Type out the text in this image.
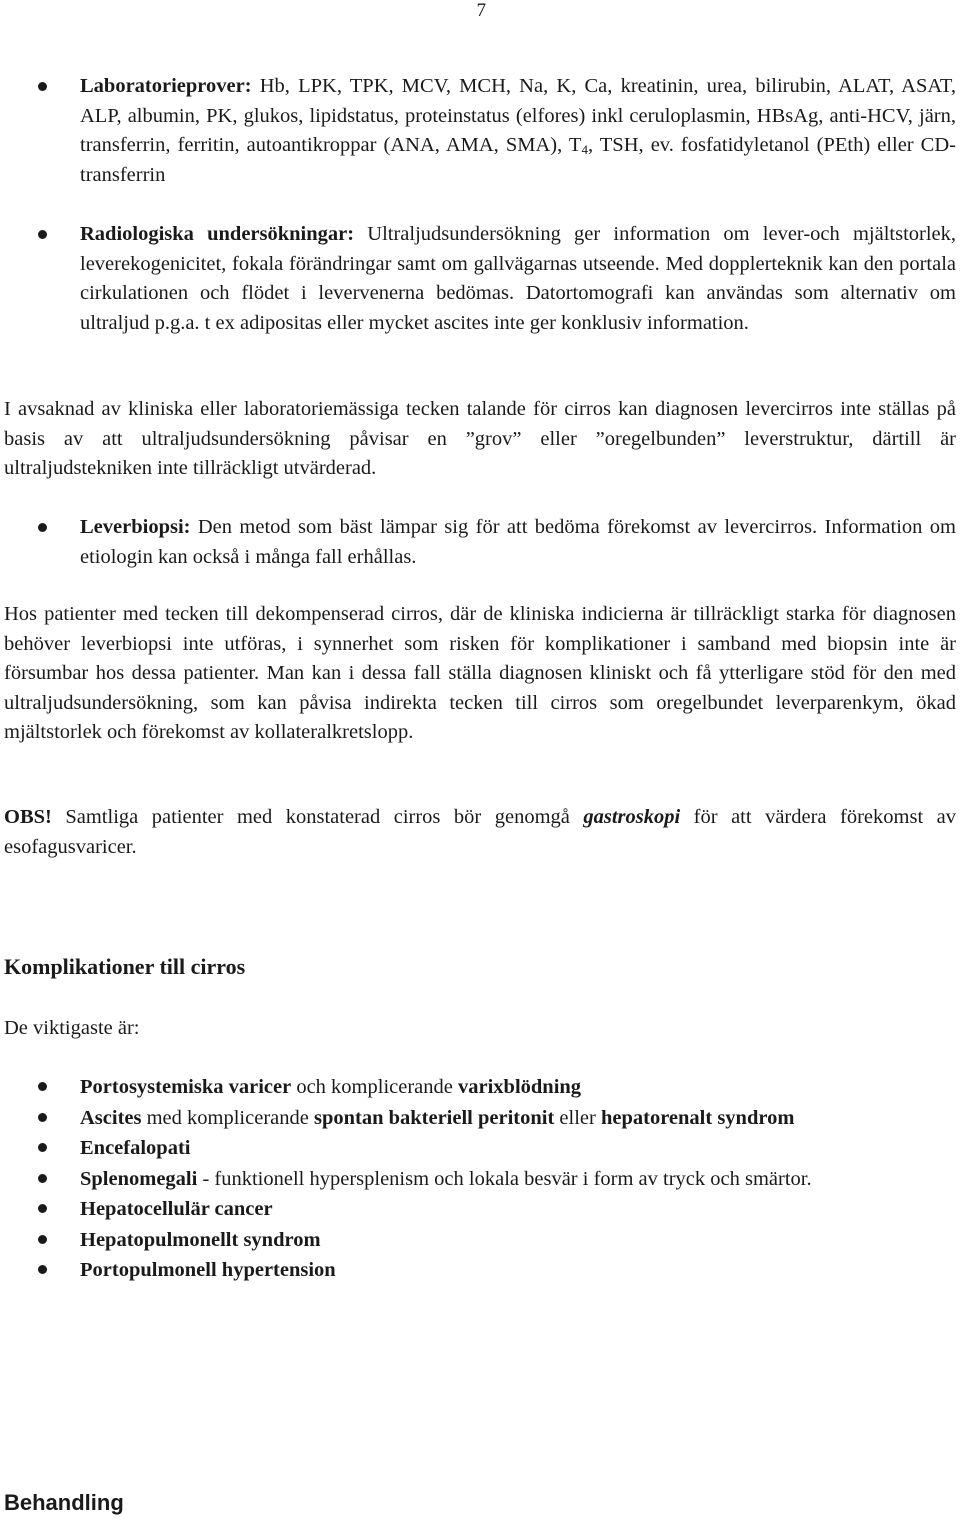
7
Laboratorieprover: Hb, LPK, TPK, MCV, MCH, Na, K, Ca, kreatinin, urea, bilirubin, ALAT, ASAT, ALP, albumin, PK, glukos, lipidstatus, proteinstatus (elfores) inkl ceruloplasmin, HBsAg, anti-HCV, järn, transferrin, ferritin, autoantikroppar (ANA, AMA, SMA), $T_4$, TSH, ev. fosfatidyletanol (PEth) eller CD-transferrin
Radiologiska undersökningar: Ultraljudsundersökning ger information om lever-och mjältstorlek, leverekogenicitet, fokala förändringar samt om gallvägarnas utseende. Med dopplerteknik kan den portala cirkulationen och flödet i levervenerna bedömas. Datortomografi kan användas som alternativ om ultraljud p.g.a. t ex adipositas eller mycket ascites inte ger konklusiv information.
I avsaknad av kliniska eller laboratoriemässiga tecken talande för cirros kan diagnosen levercirros inte ställas på basis av att ultraljudsundersökning påvisar en ”grov” eller ”oregelbunden” leverstruktur, därtill är ultraljudstekniken inte tillräckligt utvärderad.
Leverbiopsi: Den metod som bäst lämpar sig för att bedöma förekomst av levercirros. Information om etiologin kan också i många fall erhållas.
Hos patienter med tecken till dekompenserad cirros, där de kliniska indicierna är tillräckligt starka för diagnosen behöver leverbiopsi inte utföras, i synnerhet som risken för komplikationer i samband med biopsin inte är försumbar hos dessa patienter. Man kan i dessa fall ställa diagnosen kliniskt och få ytterligare stöd för den med ultraljudsundersökning, som kan påvisa indirekta tecken till cirros som oregelbundet leverparenkym, ökad mjältstorlek och förekomst av kollateralkretslopp.
OBS! Samtliga patienter med konstaterad cirros bör genomgå gastroskopi för att värdera förekomst av esofagusvaricer.
Komplikationer till cirros
De viktigaste är:
Portosystemiska varicer och komplicerande varixblödning
Ascites med komplicerande spontan bakteriell peritonit eller hepatorenalt syndrom
Encefalopati
Splenomegali - funktionell hypersplenism och lokala besvär i form av tryck och smärtor.
Hepatocellulär cancer
Hepatopulmonellt syndrom
Portopulmonell hypertension
Behandling
